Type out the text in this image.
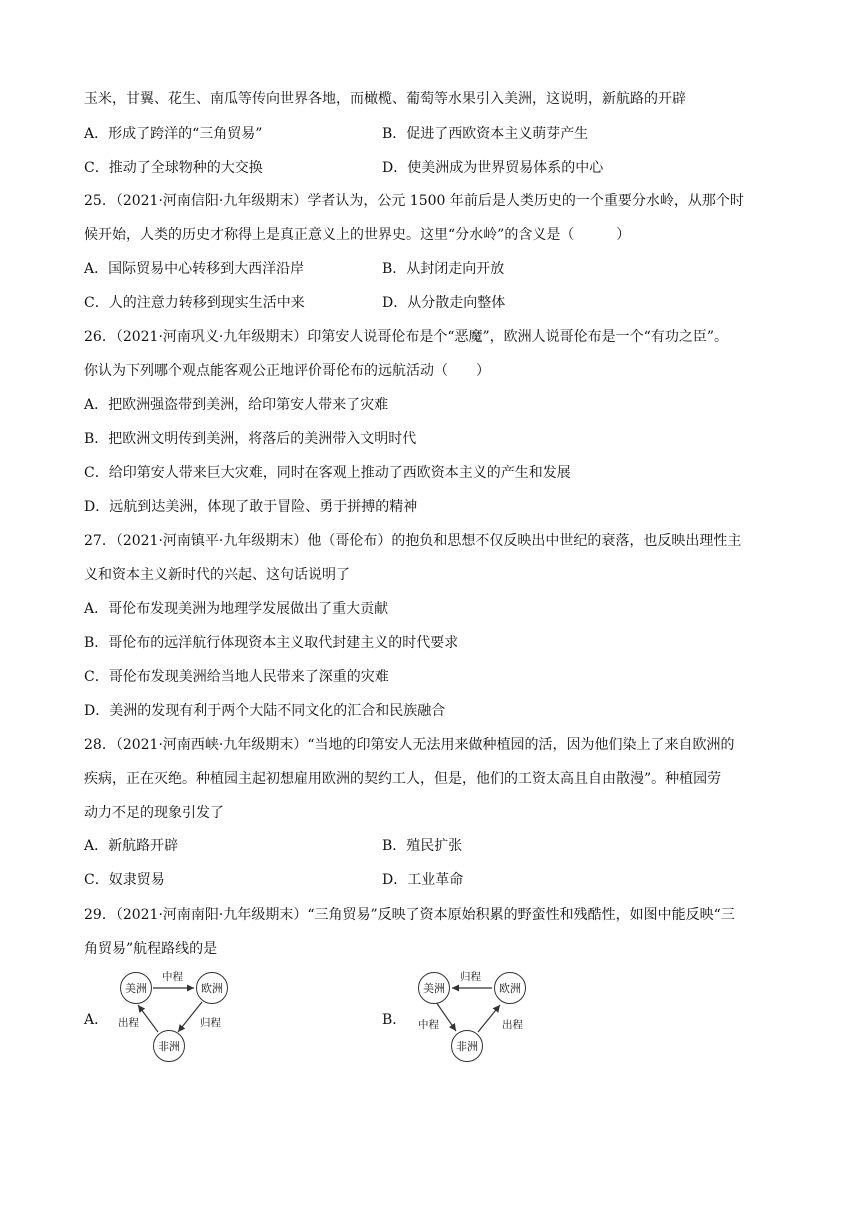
玉米，甘翼、花生、南瓜等传向世界各地，而橄榄、葡萄等水果引入美洲，这说明，新航路的开辟
A．形成了跨洋的“三角贸易”	B．促进了西欧资本主义萌芽产生
C．推动了全球物种的大交换	D．使美洲成为世界贸易体系的中心
25．（2021·河南信阳·九年级期末）学者认为，公元 1500 年前后是人类历史的一个重要分水岭，从那个时
候开始，人类的历史才称得上是真正意义上的世界史。这里“分水岭”的含义是（　　　）
A．国际贸易中心转移到大西洋沿岸	B．从封闭走向开放
C．人的注意力转移到现实生活中来	D．从分散走向整体
26．（2021·河南巩义·九年级期末）印第安人说哥伦布是个“恶魔”，欧洲人说哥伦布是一个“有功之臣”。
你认为下列哪个观点能客观公正地评价哥伦布的远航活动（　　）
A．把欧洲强盗带到美洲，给印第安人带来了灾难
B．把欧洲文明传到美洲，将落后的美洲带入文明时代
C．给印第安人带来巨大灾难，同时在客观上推动了西欧资本主义的产生和发展
D．远航到达美洲，体现了敢于冒险、勇于拼搏的精神
27．（2021·河南镇平·九年级期末）他（哥伦布）的抱负和思想不仅反映出中世纪的衰落，也反映出理性主
义和资本主义新时代的兴起、这句话说明了
A．哥伦布发现美洲为地理学发展做出了重大贡献
B．哥伦布的远洋航行体现资本主义取代封建主义的时代要求
C．哥伦布发现美洲给当地人民带来了深重的灾难
D．美洲的发现有利于两个大陆不同文化的汇合和民族融合
28．（2021·河南西峡·九年级期末）“当地的印第安人无法用来做种植园的活，因为他们染上了来自欧洲的
疾病，正在灭绝。种植园主起初想雇用欧洲的契约工人，但是，他们的工资太高且自由散漫”。种植园劳
动力不足的现象引发了
A．新航路开辟	B．殖民扩张
C．奴隶贸易	D．工业革命
29．（2021·河南南阳·九年级期末）“三角贸易”反映了资本原始积累的野蛮性和残酷性，如图中能反映“三
角贸易”航程路线的是
A．
美洲	欧洲
非洲
中程
归程
出程	B．
美洲	欧洲
非洲
归程
出程
中程
